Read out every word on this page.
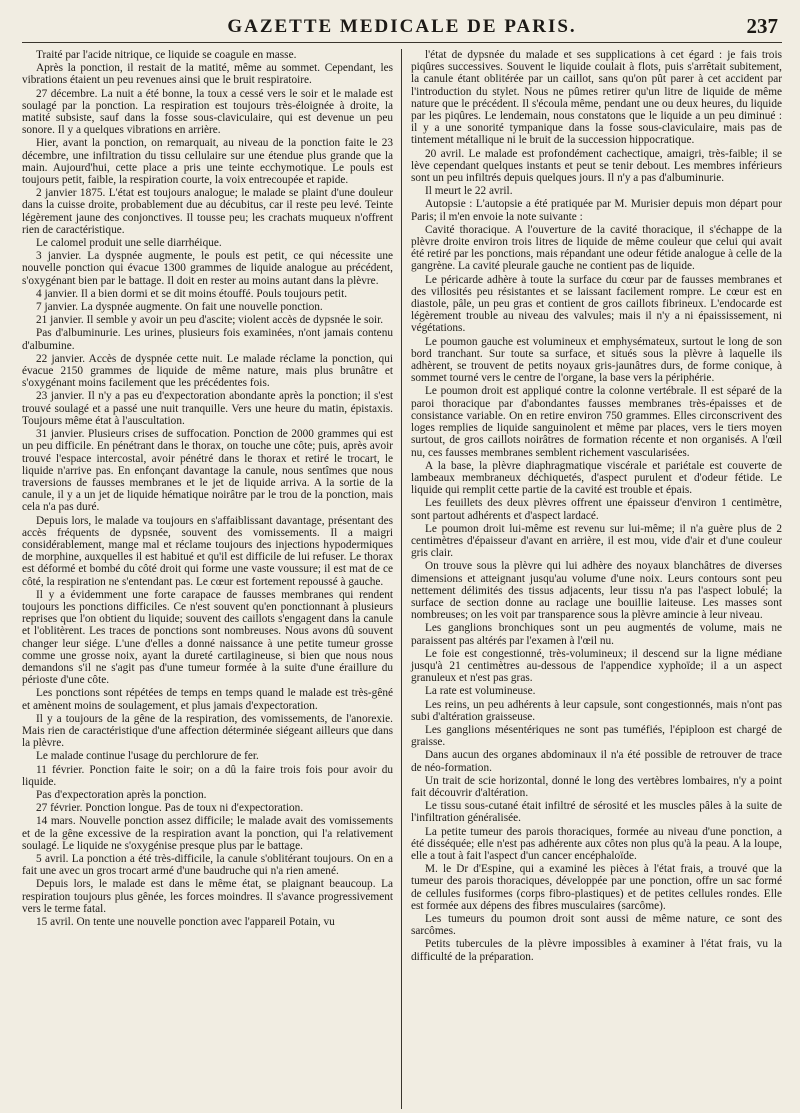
GAZETTE MEDICALE DE PARIS.	237

Traité par l'acide nitrique, ce liquide se coagule en masse.

Après la ponction, il restait de la matité, même au sommet. Cependant, les vibrations étaient un peu revenues ainsi que le bruit respiratoire.

27 décembre. La nuit a été bonne, la toux a cessé vers le soir et le malade est soulagé par la ponction. La respiration est toujours très-éloignée à droite, la matité subsiste, sauf dans la fosse sous-claviculaire, qui est devenue un peu sonore. Il y a quelques vibrations en arrière.

Hier, avant la ponction, on remarquait, au niveau de la ponction faite le 23 décembre, une infiltration du tissu cellulaire sur une étendue plus grande que la main. Aujourd'hui, cette place a pris une teinte ecchymotique. Le pouls est toujours petit, faible, la respiration courte, la voix entrecoupée et rapide.

2 janvier 1875. L'état est toujours analogue; le malade se plaint d'une douleur dans la cuisse droite, probablement due au décubitus, car il reste peu levé. Teinte légèrement jaune des conjonctives. Il tousse peu; les crachats muqueux n'offrent rien de caractéristique.

Le calomel produit une selle diarrhéique.

3 janvier. La dyspnée augmente, le pouls est petit, ce qui nécessite une nouvelle ponction qui évacue 1300 grammes de liquide analogue au précédent, s'oxygénant bien par le battage. Il doit en rester au moins autant dans la plèvre.

4 janvier. Il a bien dormi et se dit moins étouffé. Pouls toujours petit.

7 janvier. La dyspnée augmente. On fait une nouvelle ponction.

21 janvier. Il semble y avoir un peu d'ascite; violent accès de dypsnée le soir.

Pas d'albuminurie. Les urines, plusieurs fois examinées, n'ont jamais contenu d'albumine.

22 janvier. Accès de dyspnée cette nuit. Le malade réclame la ponction, qui évacue 2150 grammes de liquide de même nature, mais plus brunâtre et s'oxygénant moins facilement que les précédentes fois.

23 janvier. Il n'y a pas eu d'expectoration abondante après la ponction; il s'est trouvé soulagé et a passé une nuit tranquille. Vers une heure du matin, épistaxis. Toujours même état à l'auscultation.

31 janvier. Plusieurs crises de suffocation. Ponction de 2000 grammes qui est un peu difficile. En pénétrant dans le thorax, on touche une côte; puis, après avoir trouvé l'espace intercostal, avoir pénétré dans le thorax et retiré le trocart, le liquide n'arrive pas. En enfonçant davantage la canule, nous sentîmes que nous traversions de fausses membranes et le jet de liquide arriva. A la sortie de la canule, il y a un jet de liquide hématique noirâtre par le trou de la ponction, mais cela n'a pas duré.

Depuis lors, le malade va toujours en s'affaiblissant davantage, présentant des accès fréquents de dypsnée, souvent des vomissements. Il a maigri considérablement, mange mal et réclame toujours des injections hypodermiques de morphine, auxquelles il est habitué et qu'il est difficile de lui refuser. Le thorax est déformé et bombé du côté droit qui forme une vaste voussure; il est mat de ce côté, la respiration ne s'entendant pas. Le cœur est fortement repoussé à gauche.

Il y a évidemment une forte carapace de fausses membranes qui rendent toujours les ponctions difficiles. Ce n'est souvent qu'en ponctionnant à plusieurs reprises que l'on obtient du liquide; souvent des caillots s'engagent dans la canule et l'oblitèrent. Les traces de ponctions sont nombreuses. Nous avons dû souvent changer leur siége. L'une d'elles a donné naissance à une petite tumeur grosse comme une grosse noix, ayant la dureté cartilagineuse, si bien que nous nous demandons s'il ne s'agit pas d'une tumeur formée à la suite d'une éraillure du périoste d'une côte.

Les ponctions sont répétées de temps en temps quand le malade est très-gêné et amènent moins de soulagement, et plus jamais d'expectoration.

Il y a toujours de la gêne de la respiration, des vomissements, de l'anorexie. Mais rien de caractéristique d'une affection déterminée siégeant ailleurs que dans la plèvre.

Le malade continue l'usage du perchlorure de fer.

11 février. Ponction faite le soir; on a dû la faire trois fois pour avoir du liquide.

Pas d'expectoration après la ponction.

27 février. Ponction longue. Pas de toux ni d'expectoration.

14 mars. Nouvelle ponction assez difficile; le malade avait des vomissements et de la gêne excessive de la respiration avant la ponction, qui l'a relativement soulagé. Le liquide ne s'oxygénise presque plus par le battage.

5 avril. La ponction a été très-difficile, la canule s'oblitérant toujours. On en a fait une avec un gros trocart armé d'une baudruche qui n'a rien amené.

Depuis lors, le malade est dans le même état, se plaignant beaucoup. La respiration toujours plus gênée, les forces moindres. Il s'avance progressivement vers le terme fatal.

15 avril. On tente une nouvelle ponction avec l'appareil Potain, vu

l'état de dypsnée du malade et ses supplications à cet égard : je fais trois piqûres successives. Souvent le liquide coulait à flots, puis s'arrêtait subitement, la canule étant oblitérée par un caillot, sans qu'on pût parer à cet accident par l'introduction du stylet. Nous ne pûmes retirer qu'un litre de liquide de même nature que le précédent. Il s'écoula même, pendant une ou deux heures, du liquide par les piqûres. Le lendemain, nous constatons que le liquide a un peu diminué : il y a une sonorité tympanique dans la fosse sous-claviculaire, mais pas de tintement métallique ni le bruit de la succession hippocratique.

20 avril. Le malade est profondément cachectique, amaigri, très-faible; il se lève cependant quelques instants et peut se tenir debout. Les membres inférieurs sont un peu infiltrés depuis quelques jours. Il n'y a pas d'albuminurie.

Il meurt le 22 avril.

Autopsie : L'autopsie a été pratiquée par M. Murisier depuis mon départ pour Paris; il m'en envoie la note suivante :

Cavité thoracique. A l'ouverture de la cavité thoracique, il s'échappe de la plèvre droite environ trois litres de liquide de même couleur que celui qui avait été retiré par les ponctions, mais répandant une odeur fétide analogue à celle de la gangrène. La cavité pleurale gauche ne contient pas de liquide.

Le péricarde adhère à toute la surface du cœur par de fausses membranes et des villosités peu résistantes et se laissant facilement rompre. Le cœur est en diastole, pâle, un peu gras et contient de gros caillots fibrineux. L'endocarde est légèrement trouble au niveau des valvules; mais il n'y a ni épaississement, ni végétations.

Le poumon gauche est volumineux et emphysémateux, surtout le long de son bord tranchant. Sur toute sa surface, et situés sous la plèvre à laquelle ils adhèrent, se trouvent de petits noyaux gris-jaunâtres durs, de forme conique, à sommet tourné vers le centre de l'organe, la base vers la périphérie.

Le poumon droit est appliqué contre la colonne vertébrale. Il est séparé de la paroi thoracique par d'abondantes fausses membranes très-épaisses et de consistance variable. On en retire environ 750 grammes. Elles circonscrivent des loges remplies de liquide sanguinolent et même par places, vers le tiers moyen surtout, de gros caillots noirâtres de formation récente et non organisés. A l'œil nu, ces fausses membranes semblent richement vascularisées.

A la base, la plèvre diaphragmatique viscérale et pariétale est couverte de lambeaux membraneux déchiquetés, d'aspect purulent et d'odeur fétide. Le liquide qui remplit cette partie de la cavité est trouble et épais.

Les feuillets des deux plèvres offrent une épaisseur d'environ 1 centimètre, sont partout adhérents et d'aspect lardacé.

Le poumon droit lui-même est revenu sur lui-même; il n'a guère plus de 2 centimètres d'épaisseur d'avant en arrière, il est mou, vide d'air et d'une couleur gris clair.

On trouve sous la plèvre qui lui adhère des noyaux blanchâtres de diverses dimensions et atteignant jusqu'au volume d'une noix. Leurs contours sont peu nettement délimités des tissus adjacents, leur tissu n'a pas l'aspect lobulé; la surface de section donne au raclage une bouillie laiteuse. Les masses sont nombreuses; on les voit par transparence sous la plèvre amincie à leur niveau.

Les ganglions bronchiques sont un peu augmentés de volume, mais ne paraissent pas altérés par l'examen à l'œil nu.

Le foie est congestionné, très-volumineux; il descend sur la ligne médiane jusqu'à 21 centimètres au-dessous de l'appendice xyphoïde; il a un aspect granuleux et n'est pas gras.

La rate est volumineuse.

Les reins, un peu adhérents à leur capsule, sont congestionnés, mais n'ont pas subi d'altération graisseuse.

Les ganglions mésentériques ne sont pas tuméfiés, l'épiploon est chargé de graisse.

Dans aucun des organes abdominaux il n'a été possible de retrouver de trace de néo-formation.

Un trait de scie horizontal, donné le long des vertèbres lombaires, n'y a point fait découvrir d'altération.

Le tissu sous-cutané était infiltré de sérosité et les muscles pâles à la suite de l'infiltration généralisée.

La petite tumeur des parois thoraciques, formée au niveau d'une ponction, a été disséquée; elle n'est pas adhérente aux côtes non plus qu'à la peau. A la loupe, elle a tout à fait l'aspect d'un cancer encéphaloïde.

M. le Dr d'Espine, qui a examiné les pièces à l'état frais, a trouvé que la tumeur des parois thoraciques, développée par une ponction, offre un sac formé de cellules fusiformes (corps fibro-plastiques) et de petites cellules rondes. Elle est formée aux dépens des fibres musculaires (sarcôme).

Les tumeurs du poumon droit sont aussi de même nature, ce sont des sarcômes.

Petits tubercules de la plèvre impossibles à examiner à l'état frais, vu la difficulté de la préparation.
